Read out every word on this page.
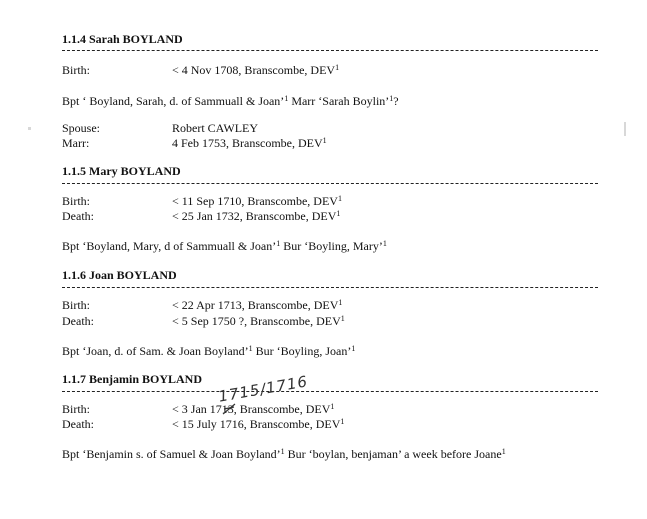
1.1.4 Sarah BOYLAND
Birth:	< 4 Nov 1708, Branscombe, DEV$^1$
Bpt ‘ Boyland, Sarah, d. of Sammuall & Joan’$^1$ Marr ‘Sarah Boylin’$^1$?
Spouse:	Robert CAWLEY
Marr:	4 Feb 1753, Branscombe, DEV$^1$
1.1.5 Mary BOYLAND
Birth:	< 11 Sep 1710, Branscombe, DEV$^1$
Death:	< 25 Jan 1732, Branscombe, DEV$^1$
Bpt ‘Boyland, Mary, d of Sammuall & Joan’$^1$ Bur ‘Boyling, Mary’$^1$
1.1.6 Joan BOYLAND
Birth:	< 22 Apr 1713, Branscombe, DEV$^1$
Death:	< 5 Sep 1750 ?, Branscombe, DEV$^1$
Bpt ‘Joan, d. of Sam. & Joan Boyland’$^1$ Bur ‘Boyling, Joan’$^1$
1.1.7 Benjamin BOYLAND
Birth:	< 3 Jan 1713, Branscombe, DEV$^1$
Death:	< 15 July 1716, Branscombe, DEV$^1$
Bpt ‘Benjamin s. of Samuel & Joan Boyland’$^1$ Bur ‘boylan, benjaman’ a week before Joane$^1$
1715/1716
